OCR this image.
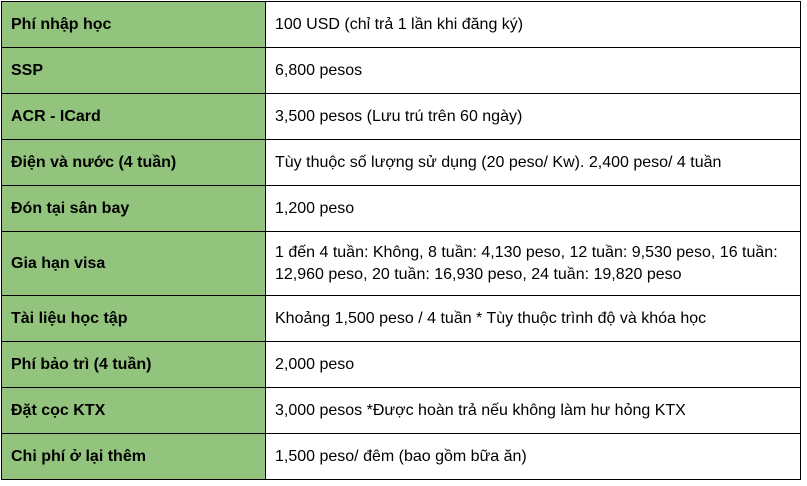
Phí nhập học	100 USD (chỉ trả 1 lần khi đăng ký)
SSP	6,800 pesos
ACR - ICard	3,500 pesos (Lưu trú trên 60 ngày)
Điện và nước (4 tuần)	Tùy thuộc số lượng sử dụng (20 peso/ Kw). 2,400 peso/ 4 tuần
Đón tại sân bay	1,200 peso
Gia hạn visa	1 đến 4 tuần: Không, 8 tuần: 4,130 peso, 12 tuần: 9,530 peso, 16 tuần:
12,960 peso, 20 tuần: 16,930 peso, 24 tuần: 19,820 peso

Tài liệu học tập	Khoảng 1,500 peso / 4 tuần * Tùy thuộc trình độ và khóa học
Phí bảo trì (4 tuần)	2,000 peso
Đặt cọc KTX	3,000 pesos *Được hoàn trả nếu không làm hư hỏng KTX
Chi phí ở lại thêm	1,500 peso/ đêm (bao gồm bữa ăn)
